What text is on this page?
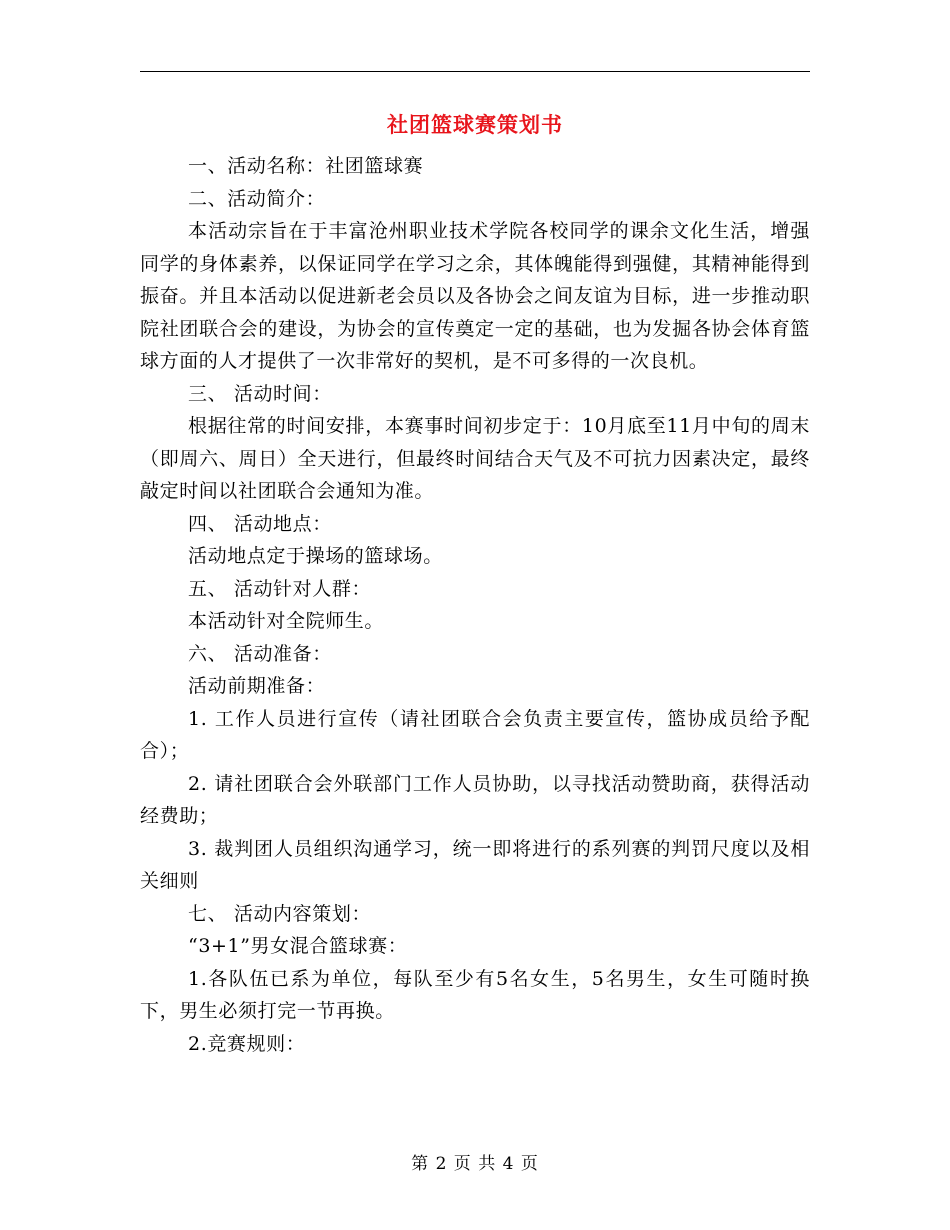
社团篮球赛策划书

一、活动名称：社团篮球赛

二、活动简介：

本活动宗旨在于丰富沧州职业技术学院各校同学的课余文化生活，增强同学的身体素养，以保证同学在学习之余，其体魄能得到强健，其精神能得到振奋。并且本活动以促进新老会员以及各协会之间友谊为目标，进一步推动职院社团联合会的建设，为协会的宣传奠定一定的基础，也为发掘各协会体育篮球方面的人才提供了一次非常好的契机，是不可多得的一次良机。

三、 活动时间：

根据往常的时间安排，本赛事时间初步定于：10月底至11月中旬的周末（即周六、周日）全天进行，但最终时间结合天气及不可抗力因素决定，最终敲定时间以社团联合会通知为准。

四、 活动地点：

活动地点定于操场的篮球场。

五、 活动针对人群：

本活动针对全院师生。

六、 活动准备：

活动前期准备：

1. 工作人员进行宣传（请社团联合会负责主要宣传，篮协成员给予配合）；

2. 请社团联合会外联部门工作人员协助，以寻找活动赞助商，获得活动经费助；

3. 裁判团人员组织沟通学习，统一即将进行的系列赛的判罚尺度以及相关细则

七、 活动内容策划：

“3+1”男女混合篮球赛：

1.各队伍已系为单位，每队至少有5名女生，5名男生，女生可随时换下，男生必须打完一节再换。

2.竞赛规则：

第 2 页 共 4 页
